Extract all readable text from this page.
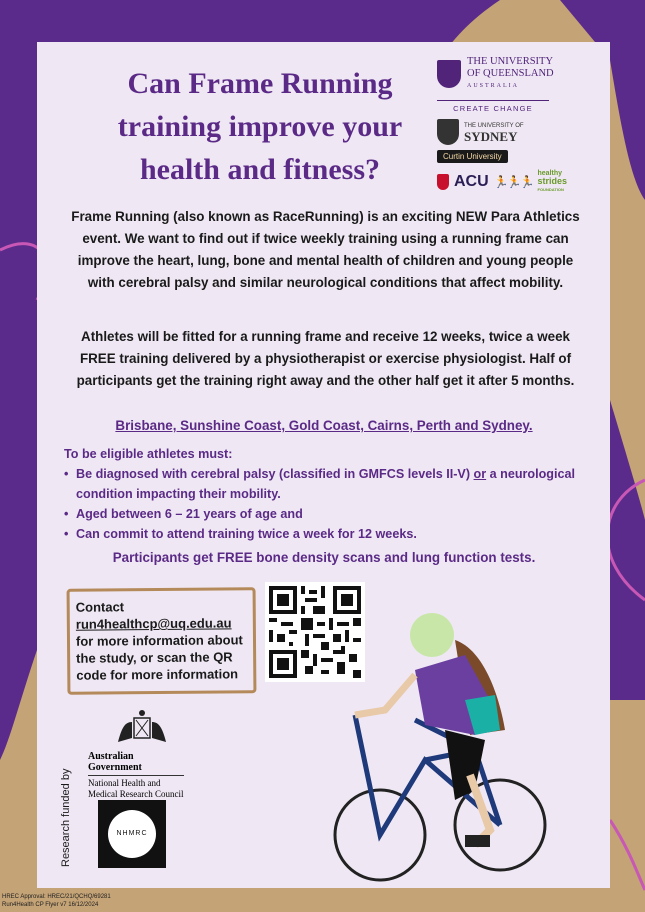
Can Frame Running
training improve your
health and fitness?
THE UNIVERSITY
OF QUEENSLAND
AUSTRALIA
CREATE CHANGE
THE UNIVERSITY OF
SYDNEY
Curtin University
ACU 🏃🏃🏃
healthy
strides
FOUNDATION

Frame Running (also known as RaceRunning) is an exciting NEW Para Athletics event. We want to find out if twice weekly training using a running frame can improve the heart, lung, bone and mental health of children and young people with cerebral palsy and similar neurological conditions that affect mobility.

Athletes will be fitted for a running frame and receive 12 weeks, twice a week FREE training delivered by a physiotherapist or exercise physiologist. Half of participants get the training right away and the other half get it after 5 months.

Brisbane, Sunshine Coast, Gold Coast, Cairns, Perth and Sydney.

To be eligible athletes must:
• Be diagnosed with cerebral palsy (classified in GMFCS levels II-V) or a neurological condition impacting their mobility.
• Aged between 6 – 21 years of age and
• Can commit to attend training twice a week for 12 weeks.

Participants get FREE bone density scans and lung function tests.

Contact
run4healthcp@uq.edu.au
for more information about the study, or scan the QR code for more information
Research funded by
Australian Government
National Health and
Medical Research Council
NHMRC
HREC Approval: HREC/21/QCHQ/69281
Run4Health CP Flyer v7 16/12/2024
